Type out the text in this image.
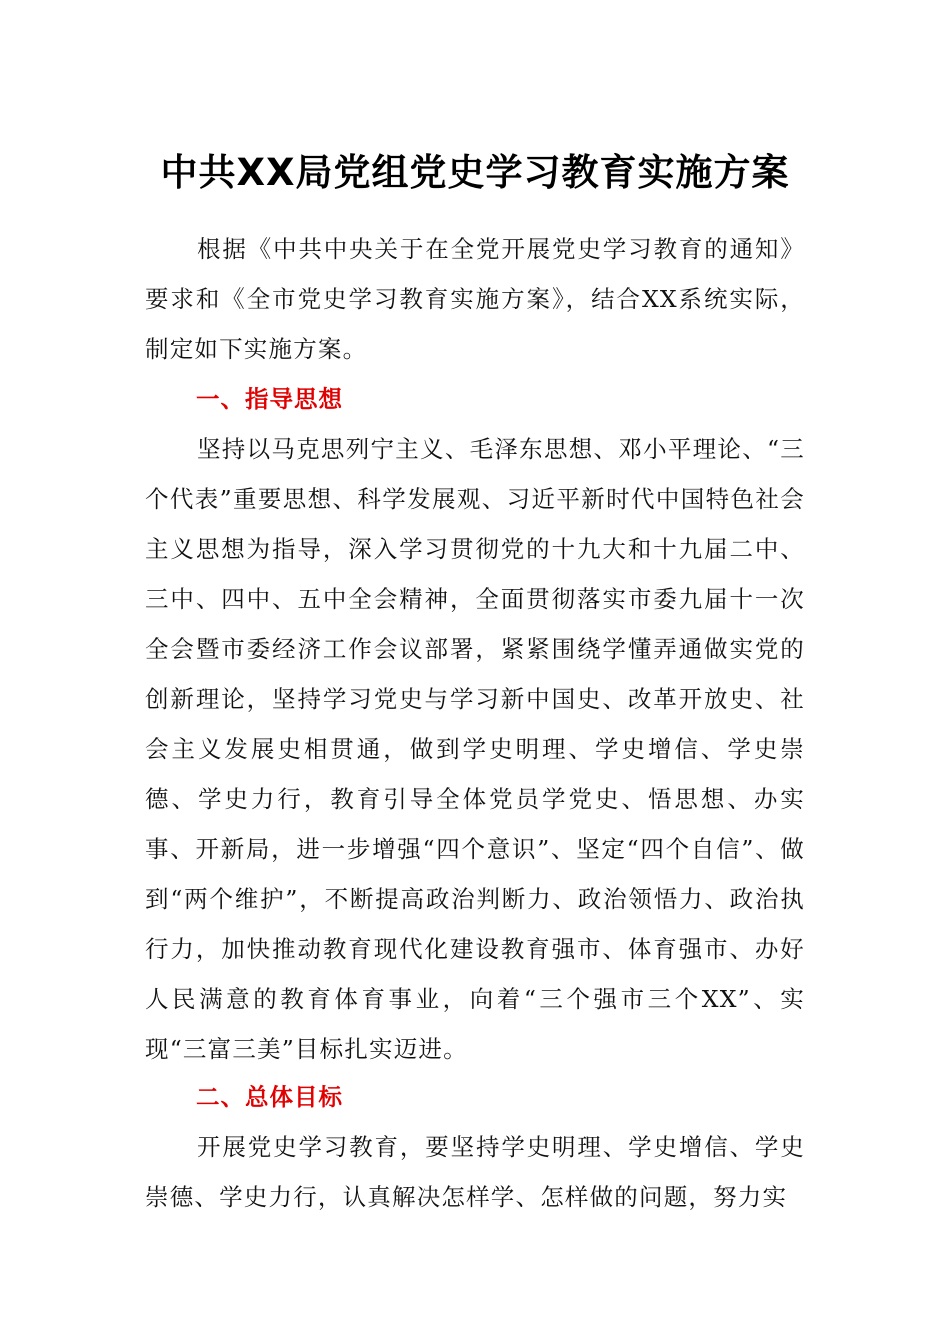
中共XX局党组党史学习教育实施方案

根据《中共中央关于在全党开展党史学习教育的通知》要求和《全市党史学习教育实施方案》，结合XX系统实际，制定如下实施方案。

一、指导思想

坚持以马克思列宁主义、毛泽东思想、邓小平理论、“三个代表”重要思想、科学发展观、习近平新时代中国特色社会主义思想为指导，深入学习贯彻党的十九大和十九届二中、三中、四中、五中全会精神，全面贯彻落实市委九届十一次全会暨市委经济工作会议部署，紧紧围绕学懂弄通做实党的创新理论，坚持学习党史与学习新中国史、改革开放史、社会主义发展史相贯通，做到学史明理、学史增信、学史崇德、学史力行，教育引导全体党员学党史、悟思想、办实事、开新局，进一步增强“四个意识”、坚定“四个自信”、做到“两个维护”，不断提高政治判断力、政治领悟力、政治执行力，加快推动教育现代化建设教育强市、体育强市、办好人民满意的教育体育事业，向着“三个强市三个XX”、实现“三富三美”目标扎实迈进。

二、总体目标

开展党史学习教育，要坚持学史明理、学史增信、学史崇德、学史力行，认真解决怎样学、怎样做的问题，努力实
